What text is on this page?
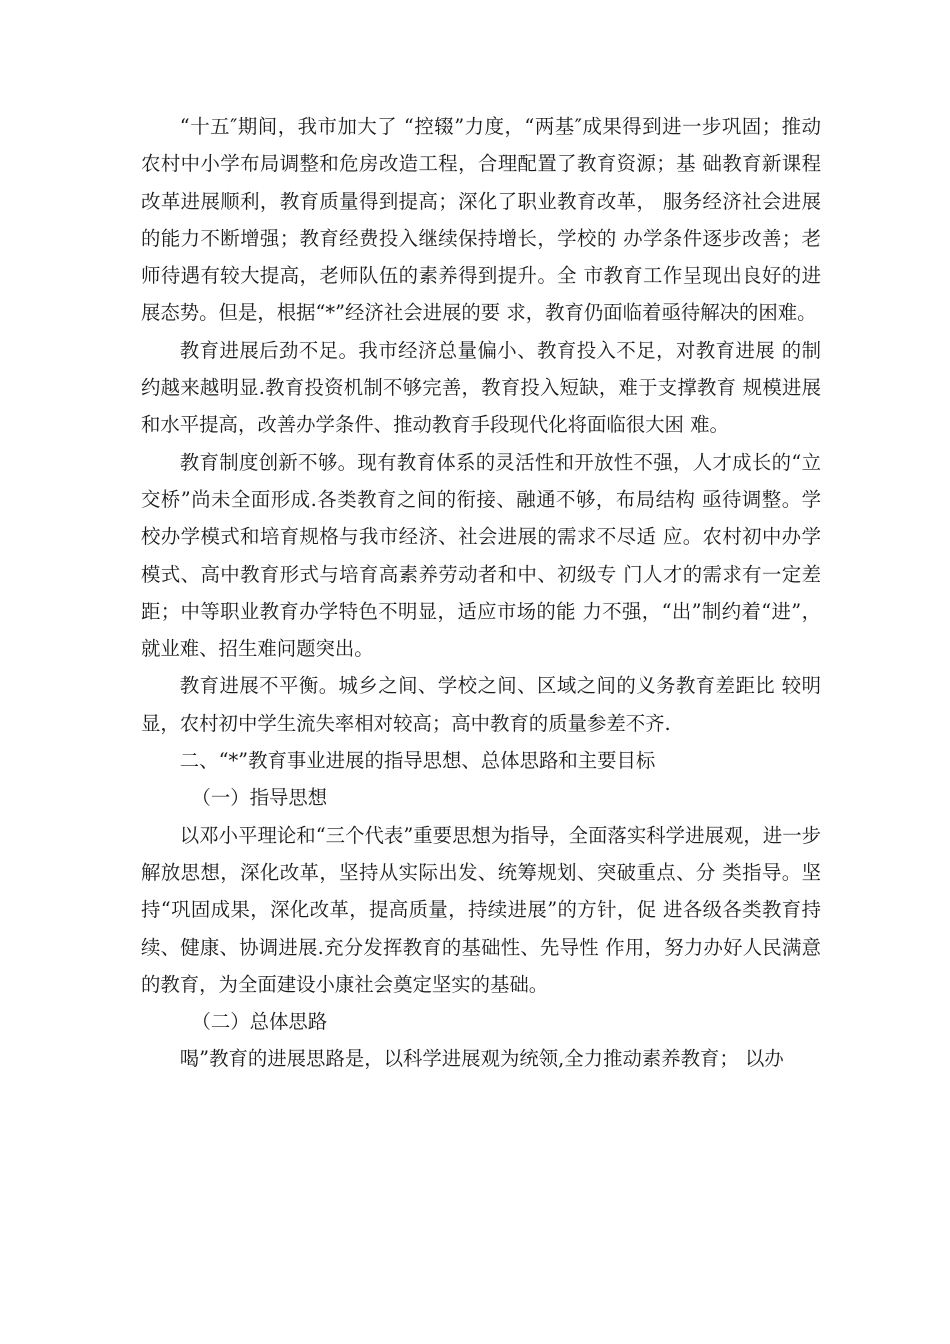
“十五″期间，我市加大了 “控辍”力度，“两基″成果得到进一步巩固；推动农村中小学布局调整和危房改造工程，合理配置了教育资源；基 础教育新课程改革进展顺利，教育质量得到提高；深化了职业教育改革， 服务经济社会进展的能力不断增强；教育经费投入继续保持增长，学校的 办学条件逐步改善；老师待遇有较大提高，老师队伍的素养得到提升。全 市教育工作呈现出良好的进展态势。但是，根据“*”经济社会进展的要 求，教育仍面临着亟待解决的困难。

教育进展后劲不足。我市经济总量偏小、教育投入不足，对教育进展 的制约越来越明显.教育投资机制不够完善，教育投入短缺，难于支撑教育 规模进展和水平提高，改善办学条件、推动教育手段现代化将面临很大困 难。

教育制度创新不够。现有教育体系的灵活性和开放性不强，人才成长的“立交桥”尚未全面形成.各类教育之间的衔接、融通不够，布局结构 亟待调整。学校办学模式和培育规格与我市经济、社会进展的需求不尽适 应。农村初中办学模式、高中教育形式与培育高素养劳动者和中、初级专 门人才的需求有一定差距；中等职业教育办学特色不明显，适应市场的能 力不强，“出”制约着“进”，就业难、招生难问题突出。

教育进展不平衡。城乡之间、学校之间、区域之间的义务教育差距比 较明显，农村初中学生流失率相对较高；高中教育的质量参差不齐.

二、“*”教育事业进展的指导思想、总体思路和主要目标

（一）指导思想

以邓小平理论和“三个代表”重要思想为指导，全面落实科学进展观，进一步解放思想，深化改革，坚持从实际出发、统筹规划、突破重点、分 类指导。坚持“巩固成果，深化改革，提高质量，持续进展”的方针，促 进各级各类教育持续、健康、协调进展.充分发挥教育的基础性、先导性 作用，努力办好人民满意的教育，为全面建设小康社会奠定坚实的基础。

（二）总体思路

喝”教育的进展思路是，以科学进展观为统领,全力推动素养教育； 以办
